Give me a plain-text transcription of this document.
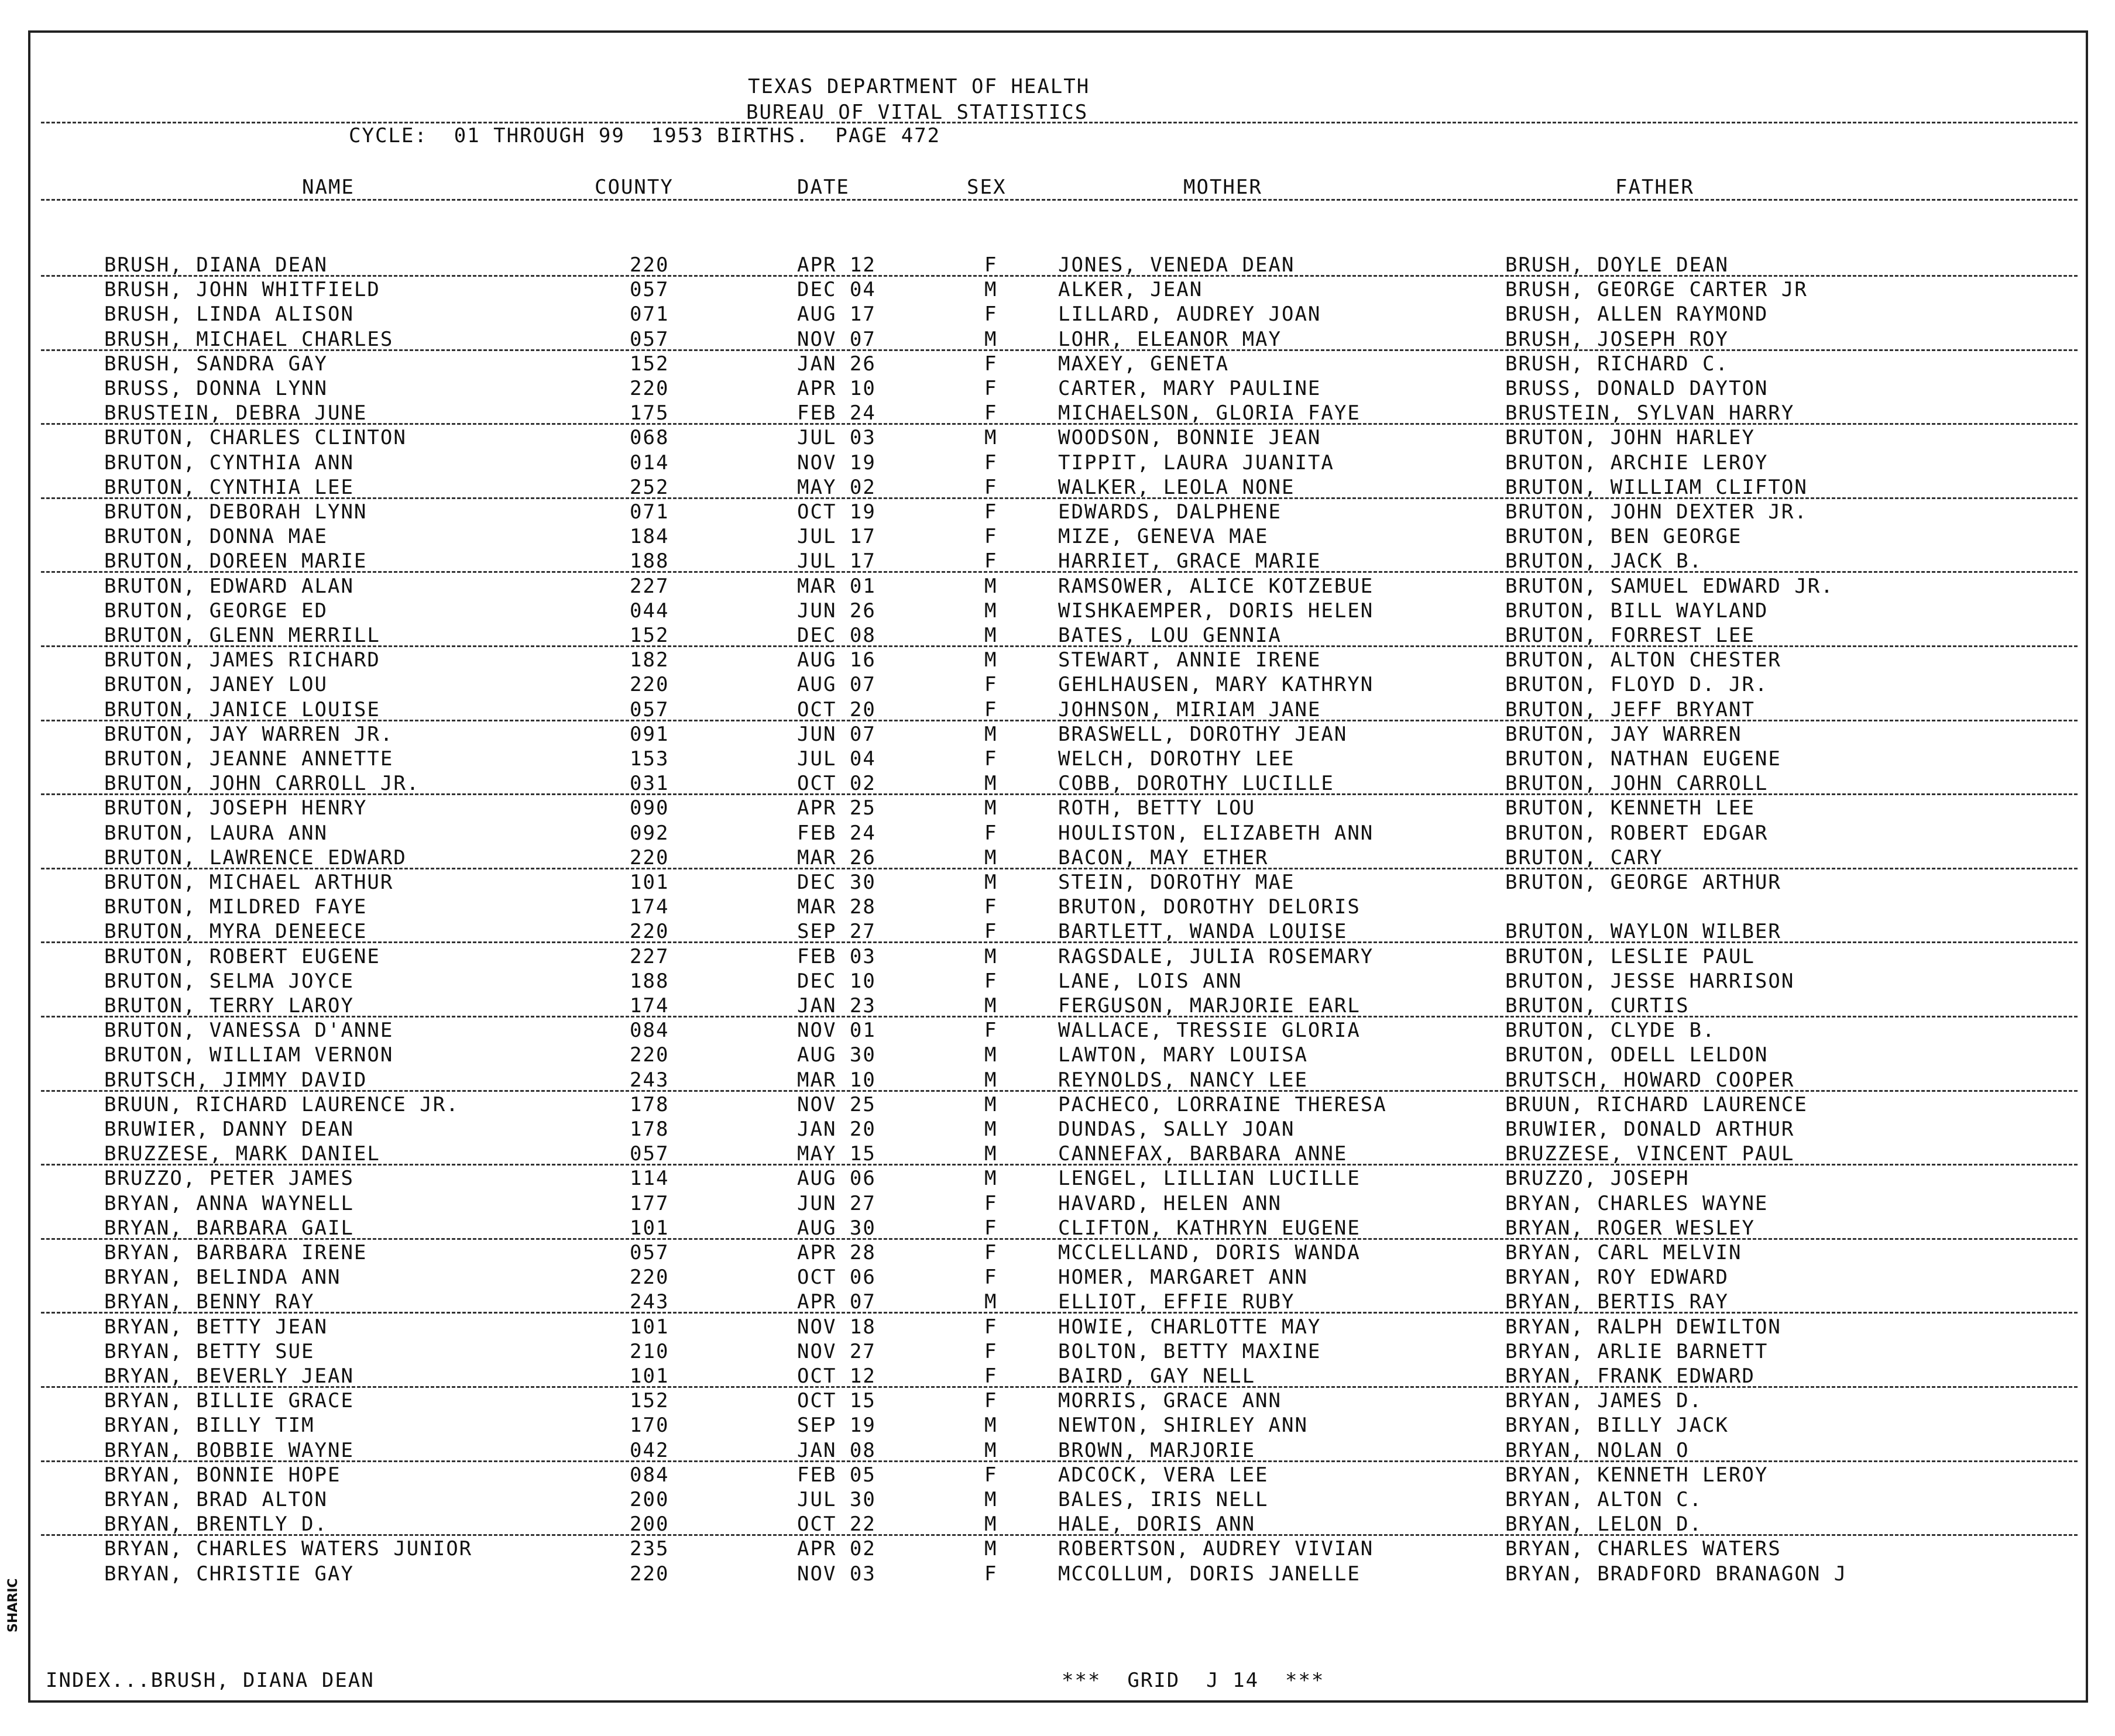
TEXAS DEPARTMENT OF HEALTH
BUREAU OF VITAL STATISTICS
CYCLE:  01 THROUGH 99  1953 BIRTHS.  PAGE 472
NAME	COUNTY	DATE	SEX	MOTHER	FATHER
BRUSH, DIANA DEAN	220	APR 12	F	JONES, VENEDA DEAN	BRUSH, DOYLE DEAN
BRUSH, JOHN WHITFIELD	057	DEC 04	M	ALKER, JEAN	BRUSH, GEORGE CARTER JR
BRUSH, LINDA ALISON	071	AUG 17	F	LILLARD, AUDREY JOAN	BRUSH, ALLEN RAYMOND
BRUSH, MICHAEL CHARLES	057	NOV 07	M	LOHR, ELEANOR MAY	BRUSH, JOSEPH ROY
BRUSH, SANDRA GAY	152	JAN 26	F	MAXEY, GENETA	BRUSH, RICHARD C.
BRUSS, DONNA LYNN	220	APR 10	F	CARTER, MARY PAULINE	BRUSS, DONALD DAYTON
BRUSTEIN, DEBRA JUNE	175	FEB 24	F	MICHAELSON, GLORIA FAYE	BRUSTEIN, SYLVAN HARRY
BRUTON, CHARLES CLINTON	068	JUL 03	M	WOODSON, BONNIE JEAN	BRUTON, JOHN HARLEY
BRUTON, CYNTHIA ANN	014	NOV 19	F	TIPPIT, LAURA JUANITA	BRUTON, ARCHIE LEROY
BRUTON, CYNTHIA LEE	252	MAY 02	F	WALKER, LEOLA NONE	BRUTON, WILLIAM CLIFTON
BRUTON, DEBORAH LYNN	071	OCT 19	F	EDWARDS, DALPHENE	BRUTON, JOHN DEXTER JR.
BRUTON, DONNA MAE	184	JUL 17	F	MIZE, GENEVA MAE	BRUTON, BEN GEORGE
BRUTON, DOREEN MARIE	188	JUL 17	F	HARRIET, GRACE MARIE	BRUTON, JACK B.
BRUTON, EDWARD ALAN	227	MAR 01	M	RAMSOWER, ALICE KOTZEBUE	BRUTON, SAMUEL EDWARD JR.
BRUTON, GEORGE ED	044	JUN 26	M	WISHKAEMPER, DORIS HELEN	BRUTON, BILL WAYLAND
BRUTON, GLENN MERRILL	152	DEC 08	M	BATES, LOU GENNIA	BRUTON, FORREST LEE
BRUTON, JAMES RICHARD	182	AUG 16	M	STEWART, ANNIE IRENE	BRUTON, ALTON CHESTER
BRUTON, JANEY LOU	220	AUG 07	F	GEHLHAUSEN, MARY KATHRYN	BRUTON, FLOYD D. JR.
BRUTON, JANICE LOUISE	057	OCT 20	F	JOHNSON, MIRIAM JANE	BRUTON, JEFF BRYANT
BRUTON, JAY WARREN JR.	091	JUN 07	M	BRASWELL, DOROTHY JEAN	BRUTON, JAY WARREN
BRUTON, JEANNE ANNETTE	153	JUL 04	F	WELCH, DOROTHY LEE	BRUTON, NATHAN EUGENE
BRUTON, JOHN CARROLL JR.	031	OCT 02	M	COBB, DOROTHY LUCILLE	BRUTON, JOHN CARROLL
BRUTON, JOSEPH HENRY	090	APR 25	M	ROTH, BETTY LOU	BRUTON, KENNETH LEE
BRUTON, LAURA ANN	092	FEB 24	F	HOULISTON, ELIZABETH ANN	BRUTON, ROBERT EDGAR
BRUTON, LAWRENCE EDWARD	220	MAR 26	M	BACON, MAY ETHER	BRUTON, CARY
BRUTON, MICHAEL ARTHUR	101	DEC 30	M	STEIN, DOROTHY MAE	BRUTON, GEORGE ARTHUR
BRUTON, MILDRED FAYE	174	MAR 28	F	BRUTON, DOROTHY DELORIS
BRUTON, MYRA DENEECE	220	SEP 27	F	BARTLETT, WANDA LOUISE	BRUTON, WAYLON WILBER
BRUTON, ROBERT EUGENE	227	FEB 03	M	RAGSDALE, JULIA ROSEMARY	BRUTON, LESLIE PAUL
BRUTON, SELMA JOYCE	188	DEC 10	F	LANE, LOIS ANN	BRUTON, JESSE HARRISON
BRUTON, TERRY LAROY	174	JAN 23	M	FERGUSON, MARJORIE EARL	BRUTON, CURTIS
BRUTON, VANESSA D'ANNE	084	NOV 01	F	WALLACE, TRESSIE GLORIA	BRUTON, CLYDE B.
BRUTON, WILLIAM VERNON	220	AUG 30	M	LAWTON, MARY LOUISA	BRUTON, ODELL LELDON
BRUTSCH, JIMMY DAVID	243	MAR 10	M	REYNOLDS, NANCY LEE	BRUTSCH, HOWARD COOPER
BRUUN, RICHARD LAURENCE JR.	178	NOV 25	M	PACHECO, LORRAINE THERESA	BRUUN, RICHARD LAURENCE
BRUWIER, DANNY DEAN	178	JAN 20	M	DUNDAS, SALLY JOAN	BRUWIER, DONALD ARTHUR
BRUZZESE, MARK DANIEL	057	MAY 15	M	CANNEFAX, BARBARA ANNE	BRUZZESE, VINCENT PAUL
BRUZZO, PETER JAMES	114	AUG 06	M	LENGEL, LILLIAN LUCILLE	BRUZZO, JOSEPH
BRYAN, ANNA WAYNELL	177	JUN 27	F	HAVARD, HELEN ANN	BRYAN, CHARLES WAYNE
BRYAN, BARBARA GAIL	101	AUG 30	F	CLIFTON, KATHRYN EUGENE	BRYAN, ROGER WESLEY
BRYAN, BARBARA IRENE	057	APR 28	F	MCCLELLAND, DORIS WANDA	BRYAN, CARL MELVIN
BRYAN, BELINDA ANN	220	OCT 06	F	HOMER, MARGARET ANN	BRYAN, ROY EDWARD
BRYAN, BENNY RAY	243	APR 07	M	ELLIOT, EFFIE RUBY	BRYAN, BERTIS RAY
BRYAN, BETTY JEAN	101	NOV 18	F	HOWIE, CHARLOTTE MAY	BRYAN, RALPH DEWILTON
BRYAN, BETTY SUE	210	NOV 27	F	BOLTON, BETTY MAXINE	BRYAN, ARLIE BARNETT
BRYAN, BEVERLY JEAN	101	OCT 12	F	BAIRD, GAY NELL	BRYAN, FRANK EDWARD
BRYAN, BILLIE GRACE	152	OCT 15	F	MORRIS, GRACE ANN	BRYAN, JAMES D.
BRYAN, BILLY TIM	170	SEP 19	M	NEWTON, SHIRLEY ANN	BRYAN, BILLY JACK
BRYAN, BOBBIE WAYNE	042	JAN 08	M	BROWN, MARJORIE	BRYAN, NOLAN O
BRYAN, BONNIE HOPE	084	FEB 05	F	ADCOCK, VERA LEE	BRYAN, KENNETH LEROY
BRYAN, BRAD ALTON	200	JUL 30	M	BALES, IRIS NELL	BRYAN, ALTON C.
BRYAN, BRENTLY D.	200	OCT 22	M	HALE, DORIS ANN	BRYAN, LELON D.
BRYAN, CHARLES WATERS JUNIOR	235	APR 02	M	ROBERTSON, AUDREY VIVIAN	BRYAN, CHARLES WATERS
BRYAN, CHRISTIE GAY	220	NOV 03	F	MCCOLLUM, DORIS JANELLE	BRYAN, BRADFORD BRANAGON J
INDEX...BRUSH, DIANA DEAN	***  GRID  J 14  ***
SHARIC
